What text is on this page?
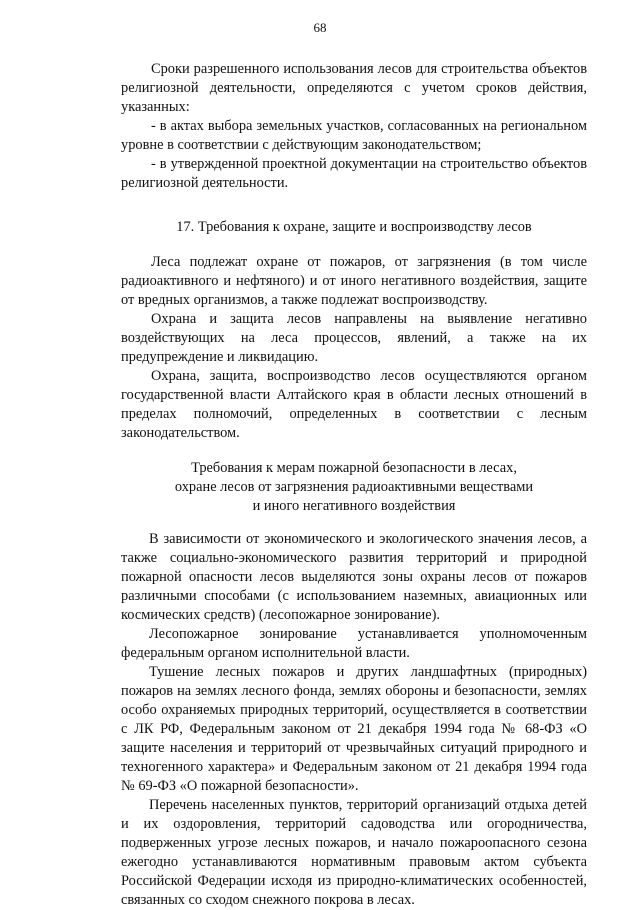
68

Сроки разрешенного использования лесов для строительства объектов религиозной деятельности, определяются с учетом сроков действия, указанных:

- в актах выбора земельных участков, согласованных на региональном уровне в соответствии с действующим законодательством;

- в утвержденной проектной документации на строительство объектов религиозной деятельности.

17. Требования к охране, защите и воспроизводству лесов

Леса подлежат охране от пожаров, от загрязнения (в том числе радиоактивного и нефтяного) и от иного негативного воздействия, защите от вредных организмов, а также подлежат воспроизводству.

Охрана и защита лесов направлены на выявление негативно воздействующих на леса процессов, явлений, а также на их предупреждение и ликвидацию.

Охрана, защита, воспроизводство лесов осуществляются органом государственной власти Алтайского края в области лесных отношений в пределах полномочий, определенных в соответствии с лесным законодательством.

Требования к мерам пожарной безопасности в лесах,
охране лесов от загрязнения радиоактивными веществами
и иного негативного воздействия

В зависимости от экономического и экологического значения лесов, а также социально-экономического развития территорий и природной пожарной опасности лесов выделяются зоны охраны лесов от пожаров различными способами (с использованием наземных, авиационных или космических средств) (лесопожарное зонирование).

Лесопожарное зонирование устанавливается уполномоченным федеральным органом исполнительной власти.

Тушение лесных пожаров и других ландшафтных (природных) пожаров на землях лесного фонда, землях обороны и безопасности, землях особо охраняемых природных территорий, осуществляется в соответствии с ЛК РФ, Федеральным законом от 21 декабря 1994 года № 68-ФЗ «О защите населения и территорий от чрезвычайных ситуаций природного и техногенного характера» и Федеральным законом от 21 декабря 1994 года № 69-ФЗ «О пожарной безопасности».

Перечень населенных пунктов, территорий организаций отдыха детей и их оздоровления, территорий садоводства или огородничества, подверженных угрозе лесных пожаров, и начало пожароопасного сезона ежегодно устанавливаются нормативным правовым актом субъекта Российской Федерации исходя из природно-климатических особенностей, связанных со сходом снежного покрова в лесах.
